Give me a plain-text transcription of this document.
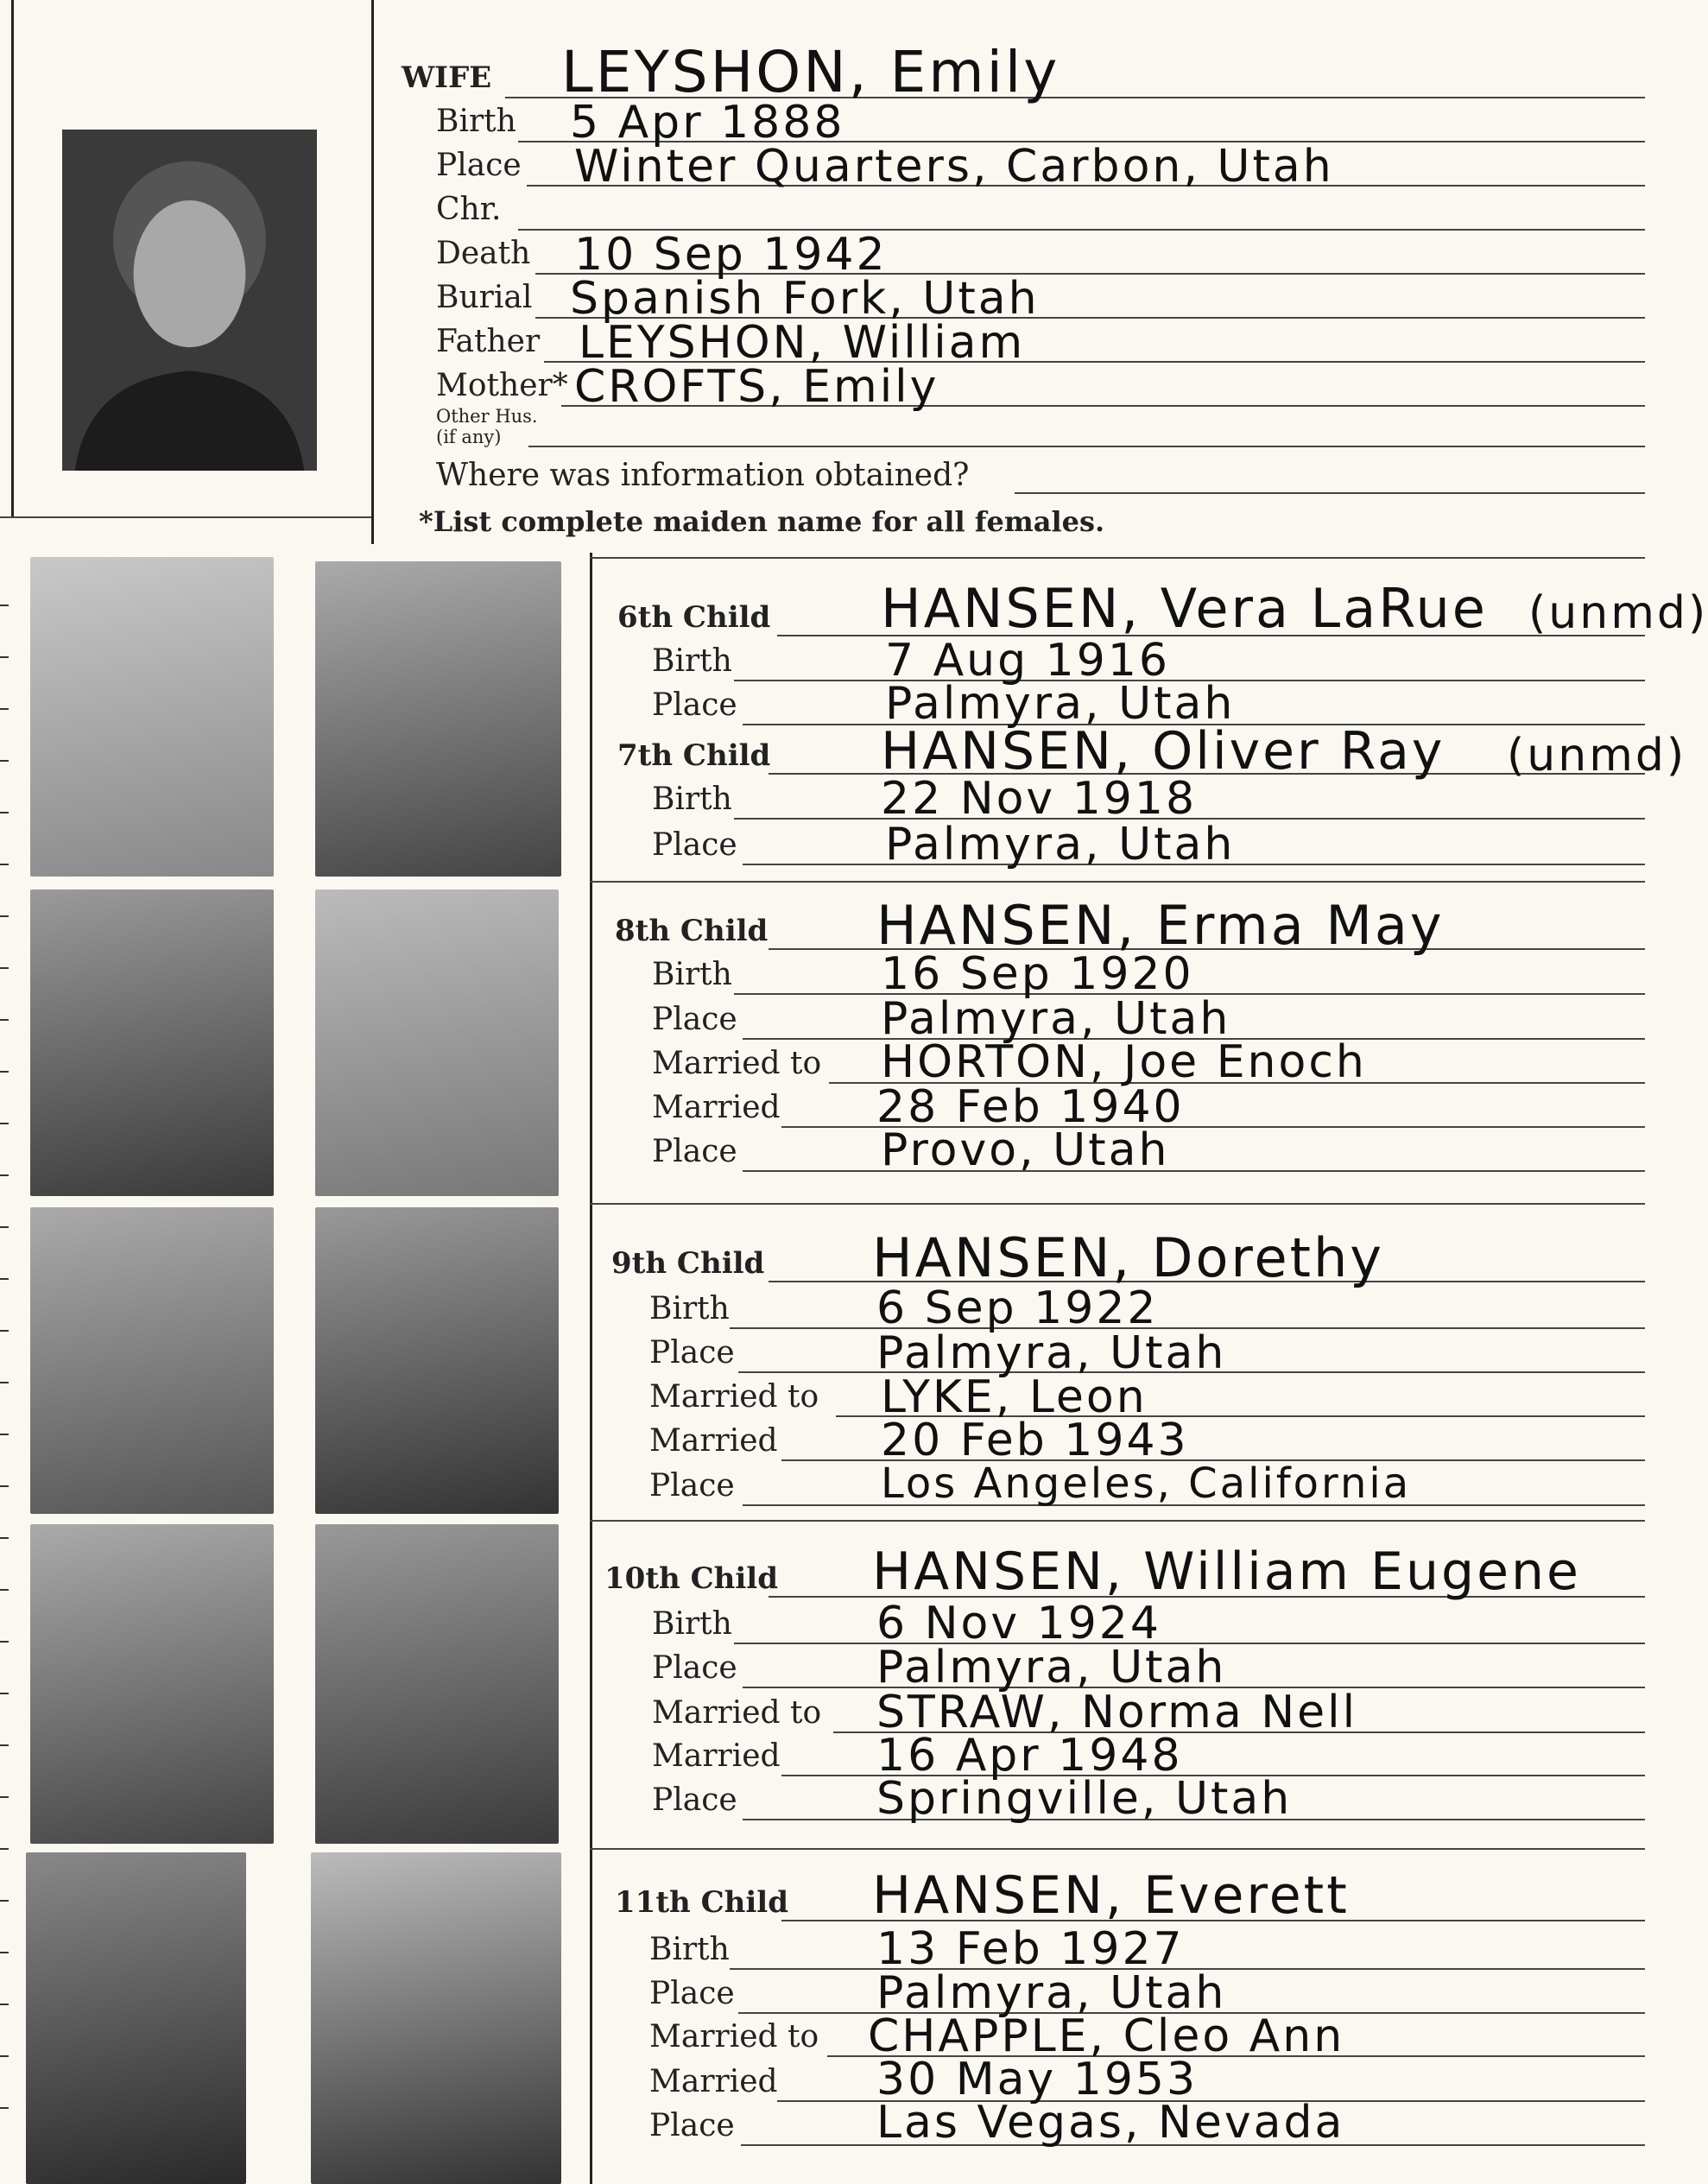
WIFE LEYSHON, Emily
Birth 5 Apr 1888
Place Winter Quarters, Carbon, Utah
Chr.
Death 10 Sep 1942
Burial Spanish Fork, Utah
Father LEYSHON, William
Mother* CROFTS, Emily
Other Hus.
(if any)
Where was information obtained?
*List complete maiden name for all females.
6th Child HANSEN, Vera LaRue (unmd)
Birth	7 Aug 1916
Place	Palmyra, Utah
7th Child HANSEN, Oliver Ray (unmd)
Birth	22 Nov 1918
Place	Palmyra, Utah
8th Child HANSEN, Erma May
Birth	16 Sep 1920
Place	Palmyra, Utah
Married to HORTON, Joe Enoch
Married 28 Feb 1940
Place	Provo, Utah
9th Child HANSEN, Dorethy
Birth	6 Sep 1922
Place	Palmyra, Utah
Married to LYKE, Leon
Married 20 Feb 1943
Place	Los Angeles, California
10th Child HANSEN, William Eugene
Birth	6 Nov 1924
Place	Palmyra, Utah
Married to STRAW, Norma Nell
Married 16 Apr 1948
Place	Springville, Utah
11th Child HANSEN, Everett
Birth	13 Feb 1927
Place	Palmyra, Utah
Married to CHAPPLE, Cleo Ann
Married 30 May 1953
Place	Las Vegas, Nevada
